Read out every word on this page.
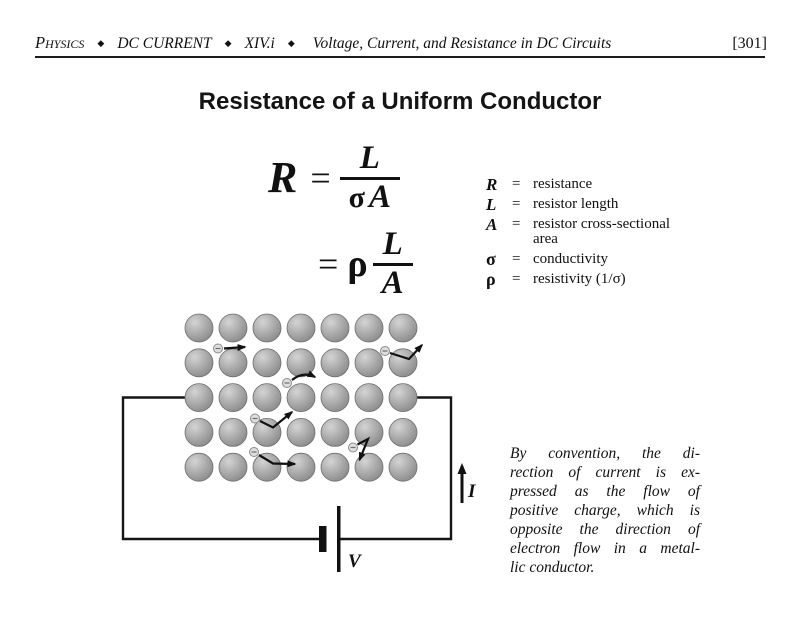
Physics ◆ DC CURRENT ◆ XIV.i ◆ Voltage, Current, and Resistance in DC Circuits	[301]
Resistance of a Uniform Conductor
$R = \frac{L}{\text{σ A}}$
= ρ $\frac{L}{A}$
R = resistance
L	= resistor length
A = resistor cross-sectional area
σ	= conductivity
ρ	= resistivity (1/σ)
V
I
By convention, the di-
rection of current is ex-
pressed as the flow of
positive charge, which is
opposite the direction of
electron flow in a metal-
lic conductor.
